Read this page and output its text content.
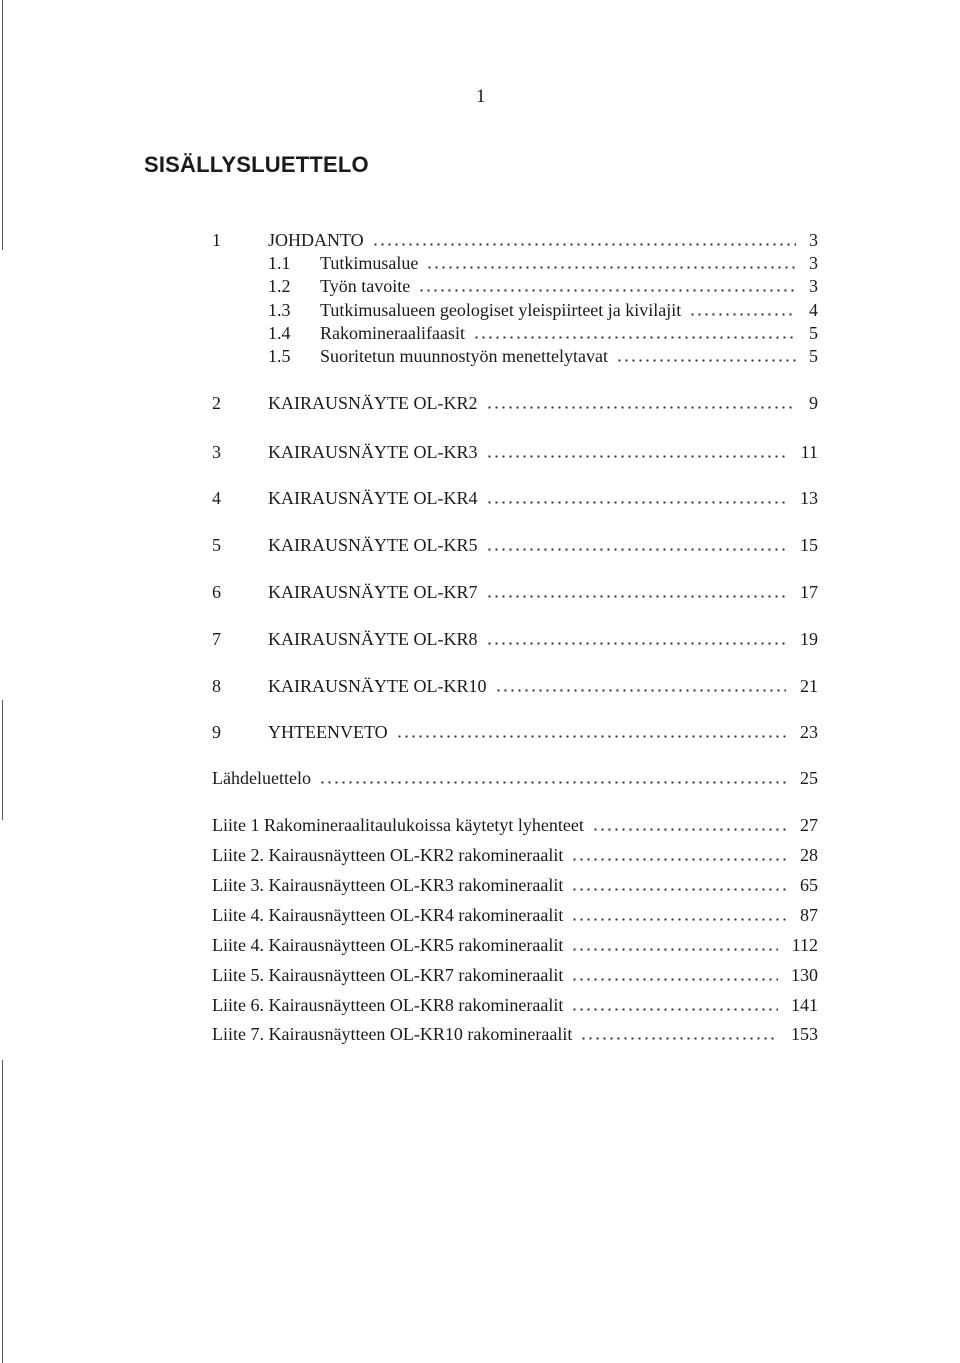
1
SISÄLLYSLUETTELO
1	JOHDANTO	3
1.1 Tutkimusalue	3
1.2 Työn tavoite	3
1.3 Tutkimusalueen geologiset yleispiirteet ja kivilajit	4
1.4 Rakomineraalifaasit	5
1.5 Suoritetun muunnostyön menettelytavat	5
2	KAIRAUSNÄYTE OL-KR2	9
3	KAIRAUSNÄYTE OL-KR3	11
4	KAIRAUSNÄYTE OL-KR4	13
5	KAIRAUSNÄYTE OL-KR5	15
6	KAIRAUSNÄYTE OL-KR7	17
7	KAIRAUSNÄYTE OL-KR8	19
8	KAIRAUSNÄYTE OL-KR10	21
9	YHTEENVETO	23
Lähdeluettelo	25
Liite 1 Rakomineraalitaulukoissa käytetyt lyhenteet	27
Liite 2. Kairausnäytteen OL-KR2 rakomineraalit	28
Liite 3. Kairausnäytteen OL-KR3 rakomineraalit	65
Liite 4. Kairausnäytteen OL-KR4 rakomineraalit	87
Liite 4. Kairausnäytteen OL-KR5 rakomineraalit	112
Liite 5. Kairausnäytteen OL-KR7 rakomineraalit	130
Liite 6. Kairausnäytteen OL-KR8 rakomineraalit	141
Liite 7. Kairausnäytteen OL-KR10 rakomineraalit	153
